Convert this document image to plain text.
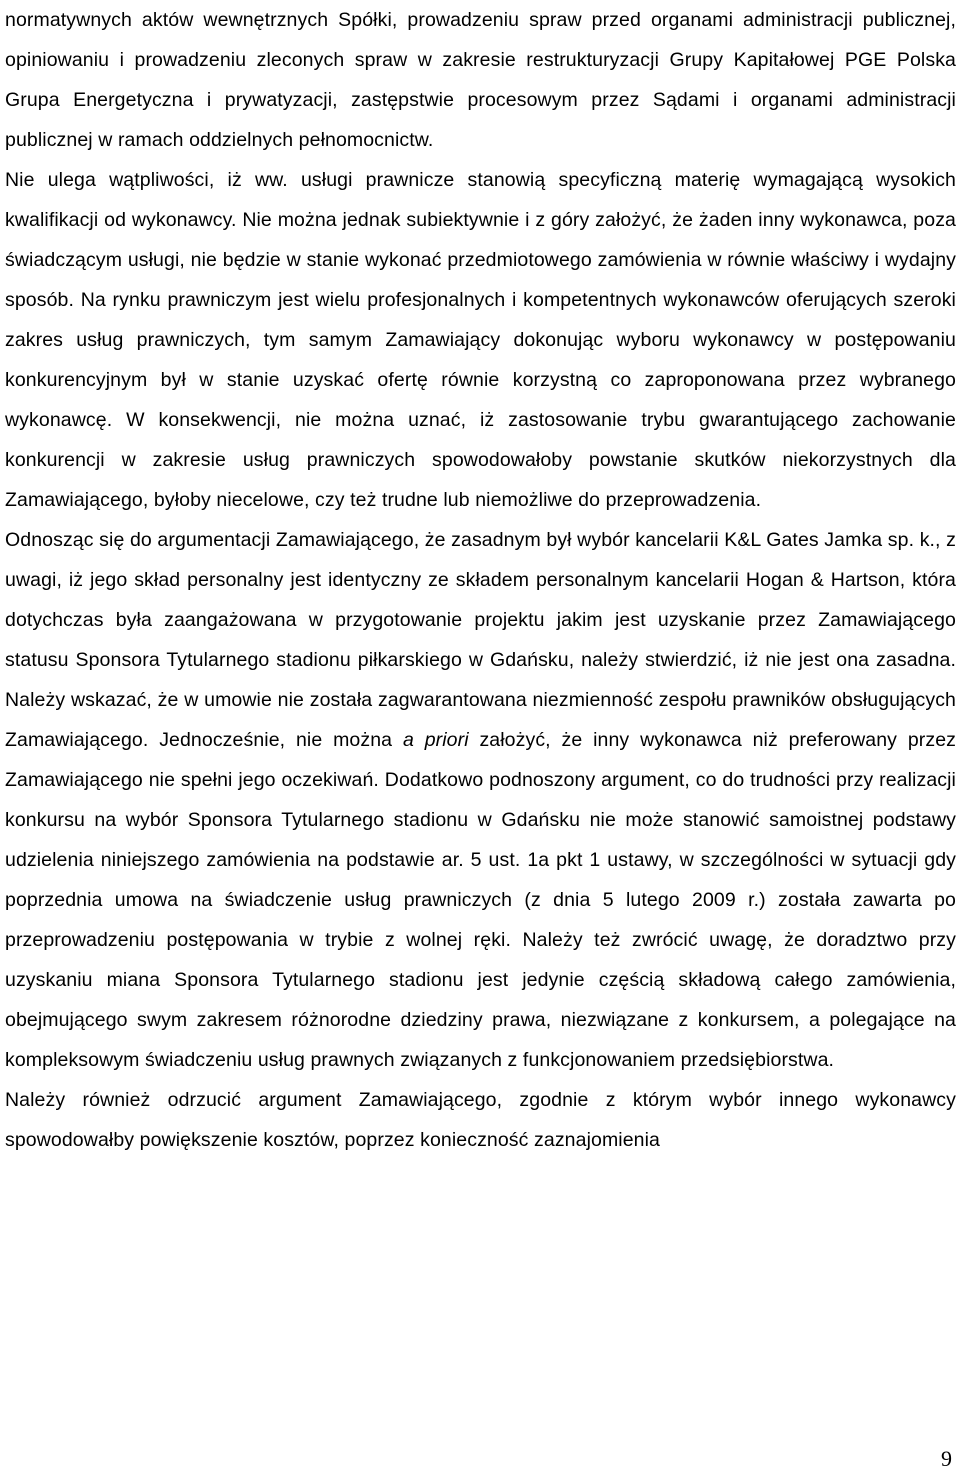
normatywnych aktów wewnętrznych Spółki, prowadzeniu spraw przed organami administracji publicznej, opiniowaniu i prowadzeniu zleconych spraw w zakresie restrukturyzacji Grupy Kapitałowej PGE Polska Grupa Energetyczna i prywatyzacji, zastępstwie procesowym przez Sądami i organami administracji publicznej w ramach oddzielnych pełnomocnictw.

Nie ulega wątpliwości, iż ww. usługi prawnicze stanowią specyficzną materię wymagającą wysokich kwalifikacji od wykonawcy. Nie można jednak subiektywnie i z góry założyć, że żaden inny wykonawca, poza świadczącym usługi, nie będzie w stanie wykonać przedmiotowego zamówienia w równie właściwy i wydajny sposób. Na rynku prawniczym jest wielu profesjonalnych i kompetentnych wykonawców oferujących szeroki zakres usług prawniczych, tym samym Zamawiający dokonując wyboru wykonawcy w postępowaniu konkurencyjnym był w stanie uzyskać ofertę równie korzystną co zaproponowana przez wybranego wykonawcę. W konsekwencji, nie można uznać, iż zastosowanie trybu gwarantującego zachowanie konkurencji w zakresie usług prawniczych spowodowałoby powstanie skutków niekorzystnych dla Zamawiającego, byłoby niecelowe, czy też trudne lub niemożliwe do przeprowadzenia.

Odnosząc się do argumentacji Zamawiającego, że zasadnym był wybór kancelarii K&L Gates Jamka sp. k., z uwagi, iż jego skład personalny jest identyczny ze składem personalnym kancelarii Hogan & Hartson, która dotychczas była zaangażowana w przygotowanie projektu jakim jest uzyskanie przez Zamawiającego statusu Sponsora Tytularnego stadionu piłkarskiego w Gdańsku, należy stwierdzić, iż nie jest ona zasadna. Należy wskazać, że w umowie nie została zagwarantowana niezmienność zespołu prawników obsługujących Zamawiającego. Jednocześnie, nie można a priori założyć, że inny wykonawca niż preferowany przez Zamawiającego nie spełni jego oczekiwań. Dodatkowo podnoszony argument, co do trudności przy realizacji konkursu na wybór Sponsora Tytularnego stadionu w Gdańsku nie może stanowić samoistnej podstawy udzielenia niniejszego zamówienia na podstawie ar. 5 ust. 1a pkt 1 ustawy, w szczególności w sytuacji gdy poprzednia umowa na świadczenie usług prawniczych (z dnia 5 lutego 2009 r.) została zawarta po przeprowadzeniu postępowania w trybie z wolnej ręki. Należy też zwrócić uwagę, że doradztwo przy uzyskaniu miana Sponsora Tytularnego stadionu jest jedynie częścią składową całego zamówienia, obejmującego swym zakresem różnorodne dziedziny prawa, niezwiązane z konkursem, a polegające na kompleksowym świadczeniu usług prawnych związanych z funkcjonowaniem przedsiębiorstwa.

Należy również odrzucić argument Zamawiającego, zgodnie z którym wybór innego wykonawcy spowodowałby powiększenie kosztów, poprzez konieczność zaznajomienia

9
